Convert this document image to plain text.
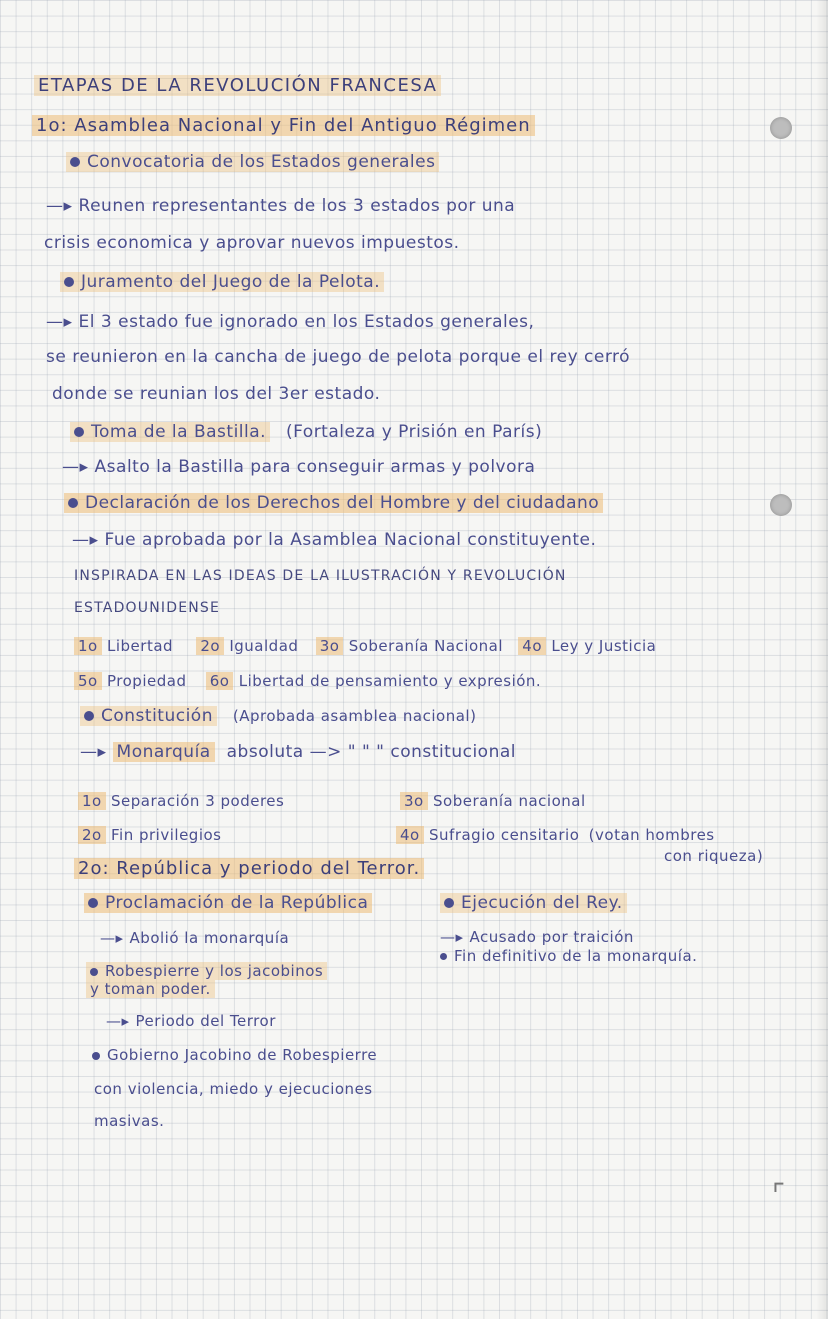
ETAPAS DE LA REVOLUCIÓN FRANCESA
1o: Asamblea Nacional y Fin del Antiguo Régimen
Convocatoria de los Estados generales
—▸Reunen representantes de los 3 estados por una
crisis economica y aprovar nuevos impuestos.
Juramento del Juego de la Pelota.
—▸El 3 estado fue ignorado en los Estados generales,
se reunieron en la cancha de juego de pelota porque el rey cerró
donde se reunian los del 3er estado.
Toma de la Bastilla. (Fortaleza y Prisión en París)
—▸Asalto la Bastilla para conseguir armas y polvora
Declaración de los Derechos del Hombre y del ciudadano
—▸Fue aprobada por la Asamblea Nacional constituyente.
INSPIRADA EN LAS IDEAS DE LA ILUSTRACIÓN Y REVOLUCIÓN
ESTADOUNIDENSE
1o Libertad 2o Igualdad 3o Soberanía Nacional 4o Ley y Justicia
5o Propiedad 6o Libertad de pensamiento y expresión.
Constitución (Aprobada asamblea nacional)
—▸Monarquía absoluta —> " " " constitucional
1o Separación 3 poderes	3o Soberanía nacional
2o Fin privilegios	4o Sufragio censitario (votan hombres
con riqueza)
2o: República y periodo del Terror.
Proclamación de la República	Ejecución del Rey.
—▸Abolió la monarquía
—▸	Acusado por traición
Fin definitivo de la monarquía.
Robespierre y los jacobinos
y toman poder.
—▸Periodo del Terror
Gobierno Jacobino de Robespierre
con violencia, miedo y ejecuciones
masivas.
⌜
